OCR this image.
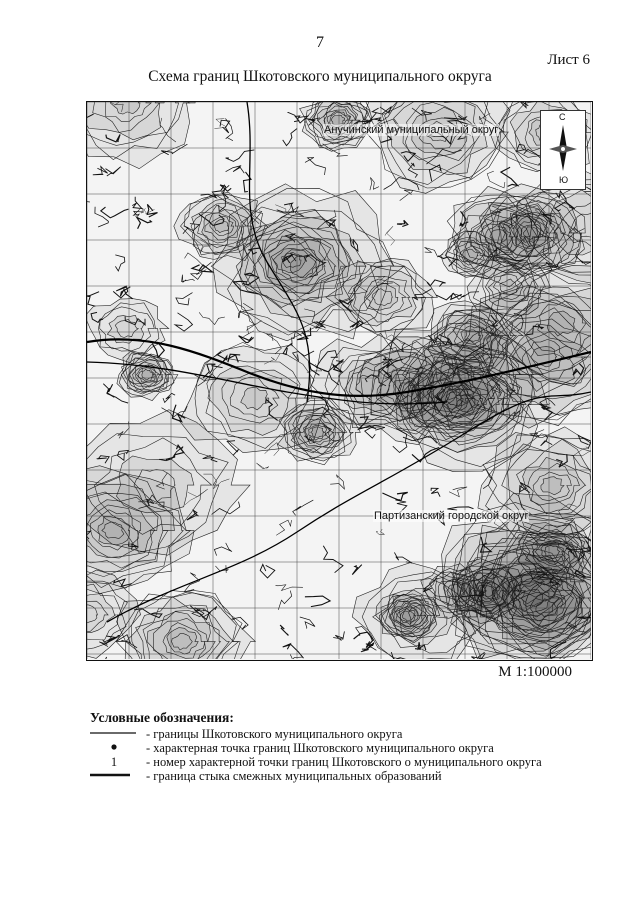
7
Лист 6
Схема границ Шкотовского муниципального округа
Анучинский муниципальный округ
Партизанский городской округ
С
Ю
М 1:100000
Условные обозначения:
- границы Шкотовского муниципального округа
- характерная точка границ Шкотовского муниципального округа
1	- номер характерной точки границ Шкотовского о муниципального округа
- граница стыка смежных муниципальных образований
